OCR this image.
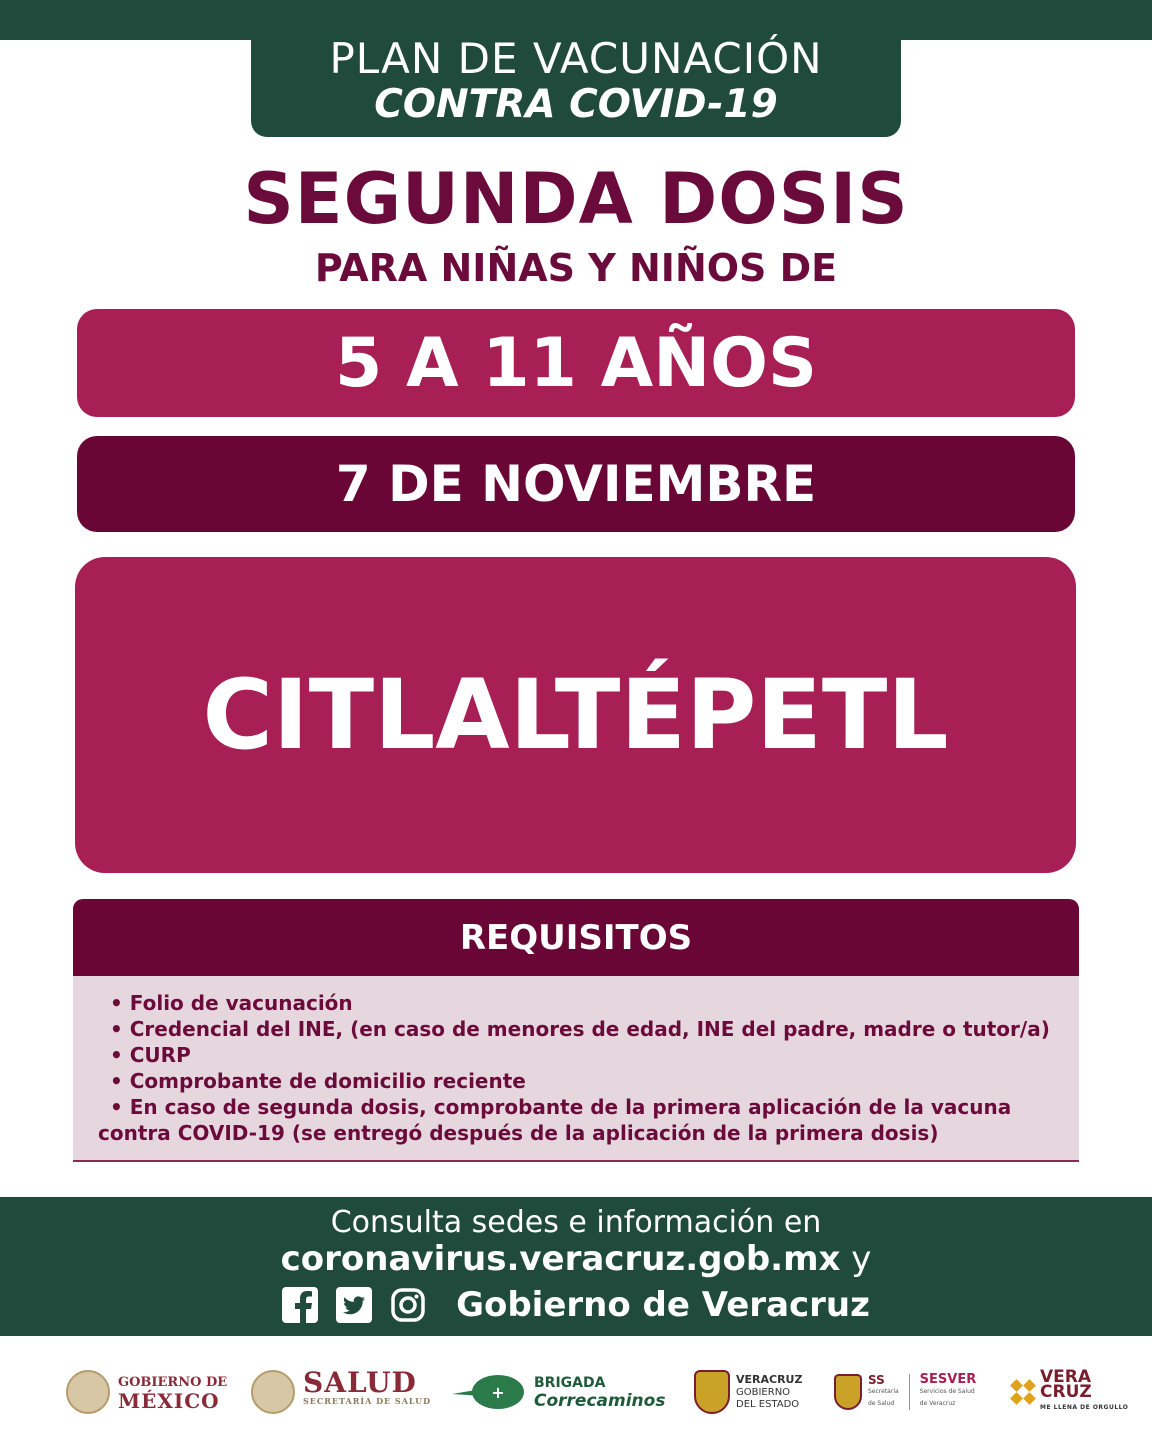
PLAN DE VACUNACIÓN
CONTRA COVID-19
SEGUNDA DOSIS
PARA NIÑAS Y NIÑOS DE
5 A 11 AÑOS
7 DE NOVIEMBRE
CITLALTÉPETL
REQUISITOS
• Folio de vacunación
• Credencial del INE, (en caso de menores de edad, INE del padre, madre o tutor/a)
• CURP
• Comprobante de domicilio reciente
• En caso de segunda dosis, comprobante de la primera aplicación de la vacuna
contra COVID-19 (se entregó después de la aplicación de la primera dosis)
Consulta sedes e información en
coronavirus.veracruz.gob.mx y
Gobierno de Veracruz
GOBIERNO DE
MÉXICO
SALUD
SECRETARÍA DE SALUD	+ BRIGADA
Correcaminos
VERACRUZ
GOBIERNO
DEL ESTADO
SS
Secretaría
de Salud
SESVER
Servicios de Salud
de Veracruz
VERA
CRUZ
ME LLENA DE ORGULLO
